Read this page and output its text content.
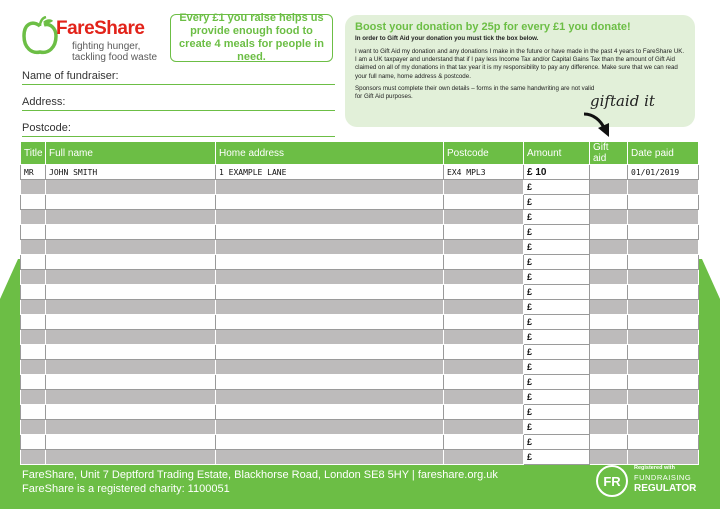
FareShare
fighting hunger,
tackling food waste
Every £1 you raise helps us provide enough food to create 4 meals for people in need.
Name of fundraiser:
Address:
Postcode:
Boost your donation by 25p for every £1 you donate!
In order to Gift Aid your donation you must tick the box below.
I want to Gift Aid my donation and any donations I make in the future or have made in the past 4 years to FareShare UK. I am a UK taxpayer and understand that if I pay less Income Tax and/or Capital Gains Tax than the amount of Gift Aid claimed on all of my donations in that tax year it is my responsibility to pay any difference. Make sure that we can read your full name, home address & postcode.
Sponsors must complete their own details – forms in the same handwriting are not valid for Gift Aid purposes.	giftaid it
Title	Full name	Home address	Postcode	Amount	Gift aid	Date paid
MR	JOHN SMITH	1 EXAMPLE LANE	EX4 MPL3	£ 10		01/01/2019
				£		
				£		
				£		
				£		
				£		
				£		
				£		
				£		
				£		
				£		
				£		
				£		
				£		
				£		
				£		
				£		
				£		
				£		
				£		
FareShare, Unit 7 Deptford Trading Estate, Blackhorse Road, London SE8 5HY | fareshare.org.uk
FareShare is a registered charity: 1100051
FR
Registered with
FUNDRAISING
REGULATOR
